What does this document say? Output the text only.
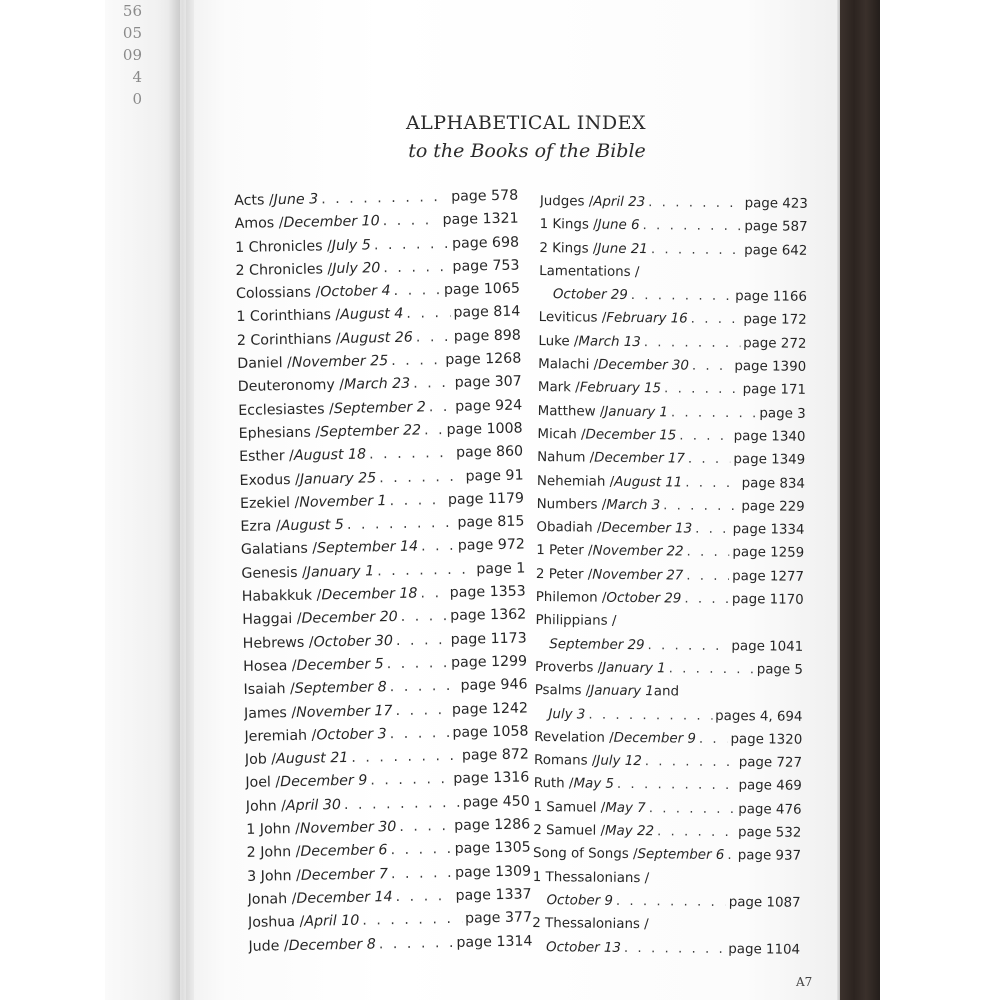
56
05
09
4
0
ALPHABETICAL INDEX
to the Books of the Bible
Acts / June 3 . . .	page 578
Amos / December 10 . . .	page 1321
1 Chronicles / July 5 . . .	page 698
2 Chronicles / July 20 . . .	page 753
Colossians / October 4 . . .	page 1065
1 Corinthians / August 4 . . .	page 814
2 Corinthians / August 26 . . .	page 898
Daniel / November 25 . . .	page 1268
Deuteronomy / March 23 . . .	page 307
Ecclesiastes / September 2 . . . page 924
Ephesians / September 22 . . . page 1008
Esther / August 18 . . .	page 860
Exodus / January 25 . . .	page 91
Ezekiel / November 1 . . .	page 1179
Ezra / August 5 . . .	page 815
Galatians / September 14 . . .	page 972
Genesis / January 1 . . .	page 1
Habakkuk / December 18 . . . page 1353
Haggai / December 20 . . .	page 1362
Hebrews / October 30 . . .	page 1173
Hosea / December 5 . . .	page 1299
Isaiah / September 8 . . .	page 946
James / November 17 . . .	page 1242
Jeremiah / October 3 . . .	page 1058
Job / August 21 . . .	page 872
Joel / December 9 . . .	page 1316
John / April 30 . . .	page 450
1 John / November 30 . . .	page 1286
2 John / December 6 . . .	page 1305
3 John / December 7 . . .	page 1309
Jonah / December 14 . . .	page 1337
Joshua / April 10 . . .	page 377
Jude / December 8 . . .	page 1314
Judges / April 23 . . .	page 423
1 Kings / June 6 . . .	page 587
2 Kings / June 21 . . .	page 642
Lamentations /
October 29 . . .	page 1166
Leviticus / February 16 . . .	page 172
Luke / March 13 . . .	page 272
Malachi / December 30 . . .	page 1390
Mark / February 15 . . .	page 171
Matthew / January 1 . . .	page 3
Micah / December 15 . . .	page 1340
Nahum / December 17 . . .	page 1349
Nehemiah / August 11 . . .	page 834
Numbers / March 3 . . .	page 229
Obadiah / December 13 . . .	page 1334
1 Peter / November 22 . . .	page 1259
2 Peter / November 27 . . .	page 1277
Philemon / October 29 . . .	page 1170
Philippians /
September 29 . . .	page 1041
Proverbs / January 1 . . .	page 5
Psalms / January 1 and
July 3 . . .	pages 4, 694
Revelation / December 9 . . .	page 1320
Romans / July 12 . . .	page 727
Ruth / May 5 . . .	page 469
1 Samuel / May 7 . . .	page 476
2 Samuel / May 22 . . .	page 532
Song of Songs / September 6 . . . page 937
1 Thessalonians /
October 9 . . .	page 1087
2 Thessalonians /
October 13 . . .	page 1104
A7
